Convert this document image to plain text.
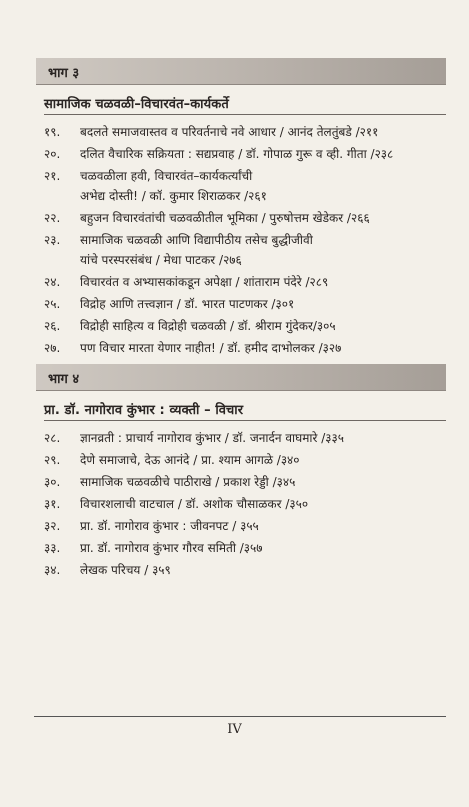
भाग ३
सामाजिक चळवळी–विचारवंत–कार्यकर्ते
१९. बदलते समाजवास्तव व परिवर्तनाचे नवे आधार / आनंद तेलतुंबडे /२११
२०. दलित वैचारिक सक्रियता : सद्यप्रवाह / डॉ. गोपाळ गुरू व व्ही. गीता /२३८
२१. चळवळीला हवी, विचारवंत–कार्यकर्त्यांची
अभेद्य दोस्ती! / कॉ. कुमार शिराळकर /२६१
२२. बहुजन विचारवंतांची चळवळीतील भूमिका / पुरुषोत्तम खेडेकर /२६६
२३. सामाजिक चळवळी आणि विद्यापीठीय तसेच बुद्धीजीवी
यांचे परस्परसंबंध / मेधा पाटकर /२७६
२४. विचारवंत व अभ्यासकांकडून अपेक्षा / शांताराम पंदेरे /२८९
२५. विद्रोह आणि तत्त्वज्ञान / डॉ. भारत पाटणकर /३०१
२६. विद्रोही साहित्य व विद्रोही चळवळी / डॉ. श्रीराम गुंदेकर/३०५
२७. पण विचार मारता येणार नाहीत! / डॉ. हमीद दाभोलकर /३२७
भाग ४
प्रा. डॉ. नागोराव कुंभार : व्यक्ती – विचार
२८. ज्ञानव्रती : प्राचार्य नागोराव कुंभार / डॉ. जनार्दन वाघमारे /३३५
२९. देणे समाजाचे, देऊ आनंदे / प्रा. श्याम आगळे /३४०
३०. सामाजिक चळवळीचे पाठीराखे / प्रकाश रेड्डी /३४५
३१. विचारशलाची वाटचाल / डॉ. अशोक चौसाळकर /३५०
३२. प्रा. डॉ. नागोराव कुंभार : जीवनपट / ३५५
३३. प्रा. डॉ. नागोराव कुंभार गौरव समिती /३५७
३४. लेखक परिचय / ३५९
IV
